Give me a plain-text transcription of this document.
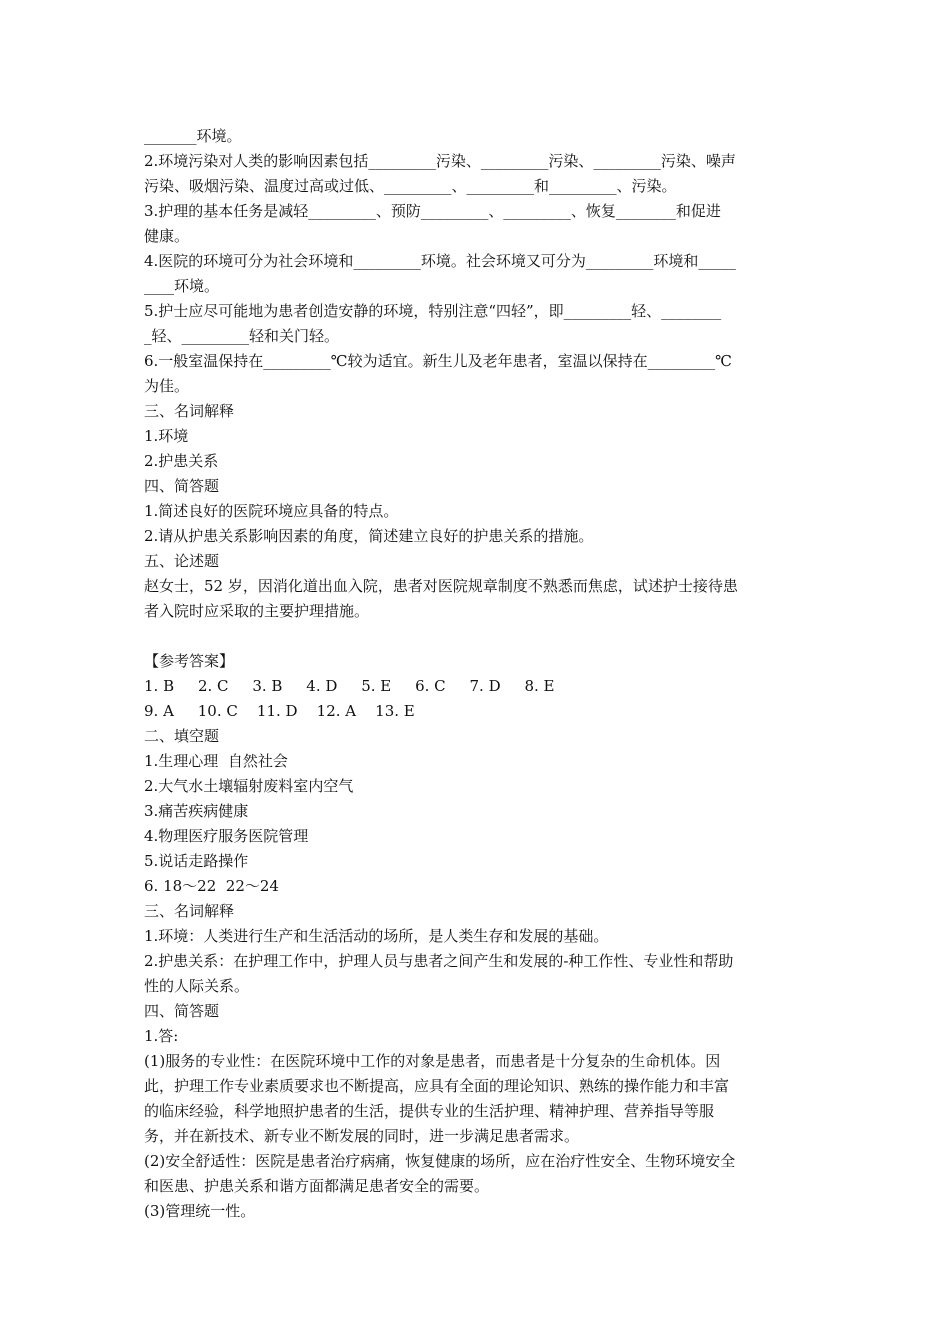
_______环境。
2.环境污染对人类的影响因素包括_________污染、_________污染、_________污染、噪声
污染、吸烟污染、温度过高或过低、_________、_________和_________、污染。
3.护理的基本任务是减轻_________、预防_________、_________、恢复________和促进
健康。
4.医院的环境可分为社会环境和_________环境。社会环境又可分为_________环境和_____
____环境。
5.护士应尽可能地为患者创造安静的环境，特别注意“四轻”，即_________轻、________
_轻、_________轻和关门轻。
6.一般室温保持在_________℃较为适宜。新生儿及老年患者，室温以保持在_________℃
为佳。
三、名词解释
1.环境
2.护患关系
四、简答题
1.简述良好的医院环境应具备的特点。
2.请从护患关系影响因素的角度，简述建立良好的护患关系的措施。
五、论述题
赵女士，52 岁，因消化道出血入院，患者对医院规章制度不熟悉而焦虑，试述护士接待患
者入院时应采取的主要护理措施。
【参考答案】
1. B     2. C     3. B     4. D     5. E     6. C     7. D     8. E
9. A     10. C    11. D    12. A    13. E
二、填空题
1.生理心理  自然社会
2.大气水土壤辐射废料室内空气
3.痛苦疾病健康
4.物理医疗服务医院管理
5.说话走路操作
6. 18～22  22～24
三、名词解释
1.环境：人类进行生产和生活活动的场所，是人类生存和发展的基础。
2.护患关系：在护理工作中，护理人员与患者之间产生和发展的-种工作性、专业性和帮助
性的人际关系。
四、简答题
1.答:
(1)服务的专业性：在医院环境中工作的对象是患者，而患者是十分复杂的生命机体。因
此，护理工作专业素质要求也不断提高，应具有全面的理论知识、熟练的操作能力和丰富
的临床经验，科学地照护患者的生活，提供专业的生活护理、精神护理、营养指导等服
务，并在新技术、新专业不断发展的同时，进一步满足患者需求。
(2)安全舒适性：医院是患者治疗病痛，恢复健康的场所，应在治疗性安全、生物环境安全
和医患、护患关系和谐方面都满足患者安全的需要。
(3)管理统一性。
